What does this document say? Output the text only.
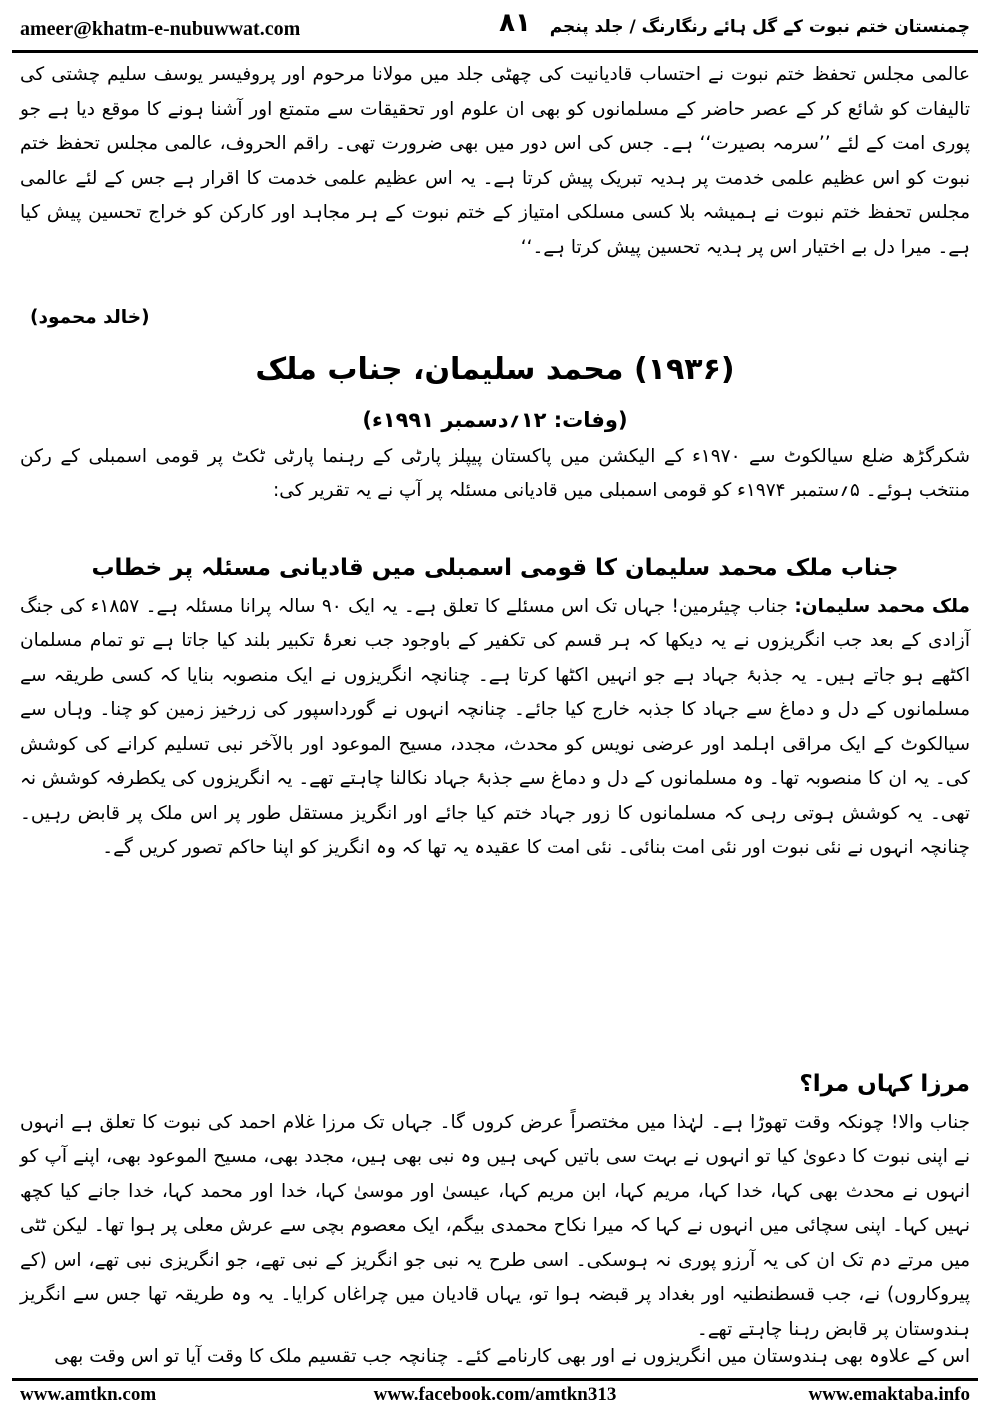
ameer@khatm-e-nubuwwat.com	۸۱	چمنستان ختم نبوت کے گل ہائے رنگارنگ / جلد پنجم

عالمی مجلس تحفظ ختم نبوت نے احتساب قادیانیت کی چھٹی جلد میں مولانا مرحوم اور پروفیسر یوسف سلیم چشتی کی تالیفات کو شائع کر کے عصر حاضر کے مسلمانوں کو بھی ان علوم اور تحقیقات سے متمتع اور آشنا ہونے کا موقع دیا ہے جو پوری امت کے لئے ’’سرمہ بصیرت‘‘ ہے۔ جس کی اس دور میں بھی ضرورت تھی۔ راقم الحروف، عالمی مجلس تحفظ ختم نبوت کو اس عظیم علمی خدمت پر ہدیہ تبریک پیش کرتا ہے۔ یہ اس عظیم علمی خدمت کا اقرار ہے جس کے لئے عالمی مجلس تحفظ ختم نبوت نے ہمیشہ بلا کسی مسلکی امتیاز کے ختم نبوت کے ہر مجاہد اور کارکن کو خراج تحسین پیش کیا ہے۔ میرا دل بے اختیار اس پر ہدیہ تحسین پیش کرتا ہے۔‘‘

(خالد محمود)
(۱۹۳۶) محمد سلیمان، جناب ملک
(وفات: ۱۲؍دسمبر ۱۹۹۱ء)

شکرگڑھ ضلع سیالکوٹ سے ۱۹۷۰ء کے الیکشن میں پاکستان پیپلز پارٹی کے رہنما پارٹی ٹکٹ پر قومی اسمبلی کے رکن منتخب ہوئے۔ ۵؍ستمبر ۱۹۷۴ء کو قومی اسمبلی میں قادیانی مسئلہ پر آپ نے یہ تقریر کی:

جناب ملک محمد سلیمان کا قومی اسمبلی میں قادیانی مسئلہ پر خطاب

ملک محمد سلیمان: جناب چیئرمین! جہاں تک اس مسئلے کا تعلق ہے۔ یہ ایک ۹۰ سالہ پرانا مسئلہ ہے۔ ۱۸۵۷ء کی جنگ آزادی کے بعد جب انگریزوں نے یہ دیکھا کہ ہر قسم کی تکفیر کے باوجود جب نعرۂ تکبیر بلند کیا جاتا ہے تو تمام مسلمان اکٹھے ہو جاتے ہیں۔ یہ جذبۂ جہاد ہے جو انہیں اکٹھا کرتا ہے۔ چنانچہ انگریزوں نے ایک منصوبہ بنایا کہ کسی طریقہ سے مسلمانوں کے دل و دماغ سے جہاد کا جذبہ خارج کیا جائے۔ چنانچہ انہوں نے گورداسپور کی زرخیز زمین کو چنا۔ وہاں سے سیالکوٹ کے ایک مراقی اہلمد اور عرضی نویس کو محدث، مجدد، مسیح الموعود اور بالآخر نبی تسلیم کرانے کی کوشش کی۔ یہ ان کا منصوبہ تھا۔ وہ مسلمانوں کے دل و دماغ سے جذبۂ جہاد نکالنا چاہتے تھے۔ یہ انگریزوں کی یکطرفہ کوشش نہ تھی۔ یہ کوشش ہوتی رہی کہ مسلمانوں کا زور جہاد ختم کیا جائے اور انگریز مستقل طور پر اس ملک پر قابض رہیں۔ چنانچہ انہوں نے نئی نبوت اور نئی امت بنائی۔ نئی امت کا عقیدہ یہ تھا کہ وہ انگریز کو اپنا حاکم تصور کریں گے۔

مرزا کہاں مرا؟

جناب والا! چونکہ وقت تھوڑا ہے۔ لہٰذا میں مختصراً عرض کروں گا۔ جہاں تک مرزا غلام احمد کی نبوت کا تعلق ہے انہوں نے اپنی نبوت کا دعویٰ کیا تو انہوں نے بہت سی باتیں کہی ہیں وہ نبی بھی ہیں، مجدد بھی، مسیح الموعود بھی، اپنے آپ کو انہوں نے محدث بھی کہا، خدا کہا، مریم کہا، ابن مریم کہا، عیسیٰ اور موسیٰ کہا، خدا اور محمد کہا، خدا جانے کیا کچھ نہیں کہا۔ اپنی سچائی میں انہوں نے کہا کہ میرا نکاح محمدی بیگم، ایک معصوم بچی سے عرش معلی پر ہوا تھا۔ لیکن ٹٹی میں مرتے دم تک ان کی یہ آرزو پوری نہ ہوسکی۔ اسی طرح یہ نبی جو انگریز کے نبی تھے، جو انگریزی نبی تھے، اس (کے پیروکاروں) نے، جب قسطنطنیہ اور بغداد پر قبضہ ہوا تو، یہاں قادیان میں چراغاں کرایا۔ یہ وہ طریقہ تھا جس سے انگریز ہندوستان پر قابض رہنا چاہتے تھے۔

اس کے علاوہ بھی ہندوستان میں انگریزوں نے اور بھی کارنامے کئے۔ چنانچہ جب تقسیم ملک کا وقت آیا تو اس وقت بھی

www.amtkn.com	www.facebook.com/amtkn313	www.emaktaba.info
